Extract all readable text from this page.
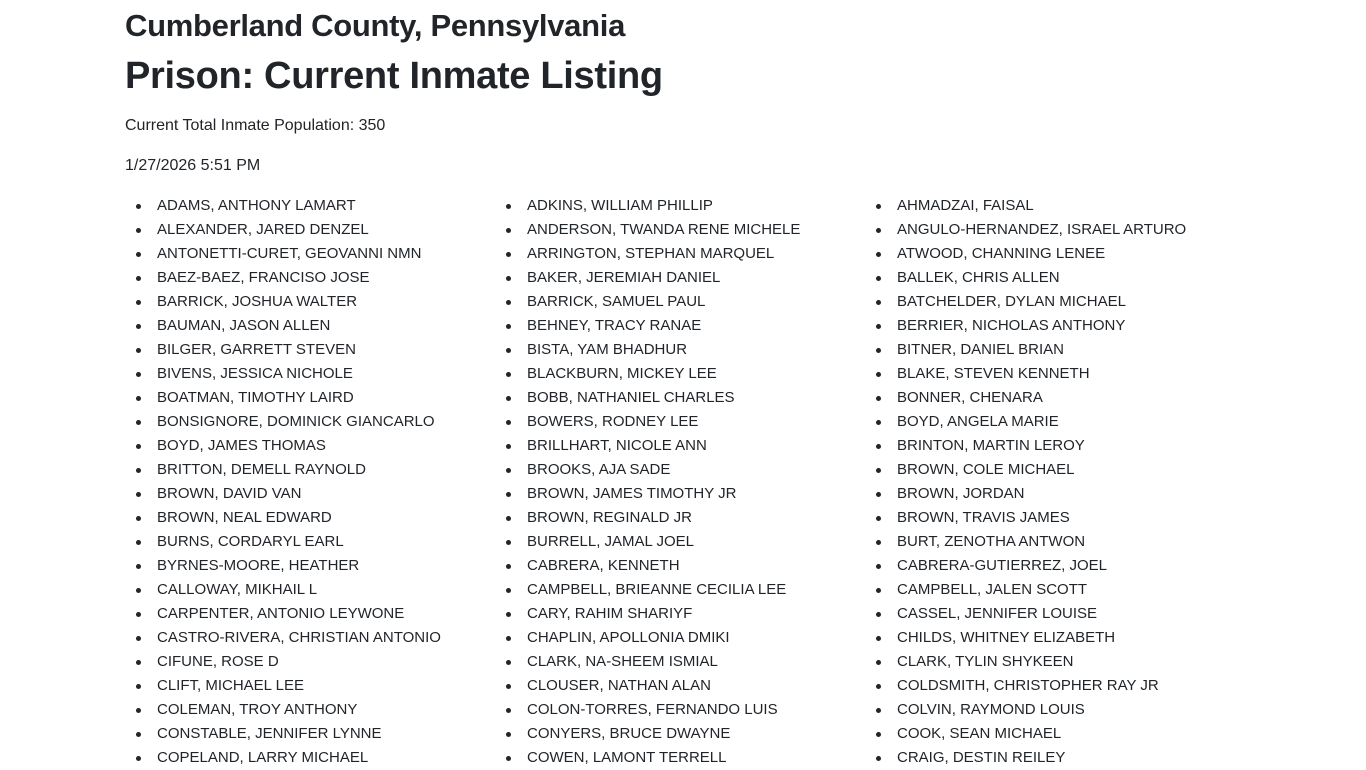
Cumberland County, Pennsylvania
Prison: Current Inmate Listing

Current Total Inmate Population: 350

1/27/2026 5:51 PM

ADAMS, ANTHONY LAMART
ALEXANDER, JARED DENZEL
ANTONETTI-CURET, GEOVANNI NMN
BAEZ-BAEZ, FRANCISO JOSE
BARRICK, JOSHUA WALTER
BAUMAN, JASON ALLEN
BILGER, GARRETT STEVEN
BIVENS, JESSICA NICHOLE
BOATMAN, TIMOTHY LAIRD
BONSIGNORE, DOMINICK GIANCARLO
BOYD, JAMES THOMAS
BRITTON, DEMELL RAYNOLD
BROWN, DAVID VAN
BROWN, NEAL EDWARD
BURNS, CORDARYL EARL
BYRNES-MOORE, HEATHER
CALLOWAY, MIKHAIL L
CARPENTER, ANTONIO LEYWONE
CASTRO-RIVERA, CHRISTIAN ANTONIO
CIFUNE, ROSE D
CLIFT, MICHAEL LEE
COLEMAN, TROY ANTHONY
CONSTABLE, JENNIFER LYNNE
COPELAND, LARRY MICHAEL
ADKINS, WILLIAM PHILLIP
ANDERSON, TWANDA RENE MICHELE
ARRINGTON, STEPHAN MARQUEL
BAKER, JEREMIAH DANIEL
BARRICK, SAMUEL PAUL
BEHNEY, TRACY RANAE
BISTA, YAM BHADHUR
BLACKBURN, MICKEY LEE
BOBB, NATHANIEL CHARLES
BOWERS, RODNEY LEE
BRILLHART, NICOLE ANN
BROOKS, AJA SADE
BROWN, JAMES TIMOTHY JR
BROWN, REGINALD JR
BURRELL, JAMAL JOEL
CABRERA, KENNETH
CAMPBELL, BRIEANNE CECILIA LEE
CARY, RAHIM SHARIYF
CHAPLIN, APOLLONIA DMIKI
CLARK, NA-SHEEM ISMIAL
CLOUSER, NATHAN ALAN
COLON-TORRES, FERNANDO LUIS
CONYERS, BRUCE DWAYNE
COWEN, LAMONT TERRELL
AHMADZAI, FAISAL
ANGULO-HERNANDEZ, ISRAEL ARTURO
ATWOOD, CHANNING LENEE
BALLEK, CHRIS ALLEN
BATCHELDER, DYLAN MICHAEL
BERRIER, NICHOLAS ANTHONY
BITNER, DANIEL BRIAN
BLAKE, STEVEN KENNETH
BONNER, CHENARA
BOYD, ANGELA MARIE
BRINTON, MARTIN LEROY
BROWN, COLE MICHAEL
BROWN, JORDAN
BROWN, TRAVIS JAMES
BURT, ZENOTHA ANTWON
CABRERA-GUTIERREZ, JOEL
CAMPBELL, JALEN SCOTT
CASSEL, JENNIFER LOUISE
CHILDS, WHITNEY ELIZABETH
CLARK, TYLIN SHYKEEN
COLDSMITH, CHRISTOPHER RAY JR
COLVIN, RAYMOND LOUIS
COOK, SEAN MICHAEL
CRAIG, DESTIN REILEY
